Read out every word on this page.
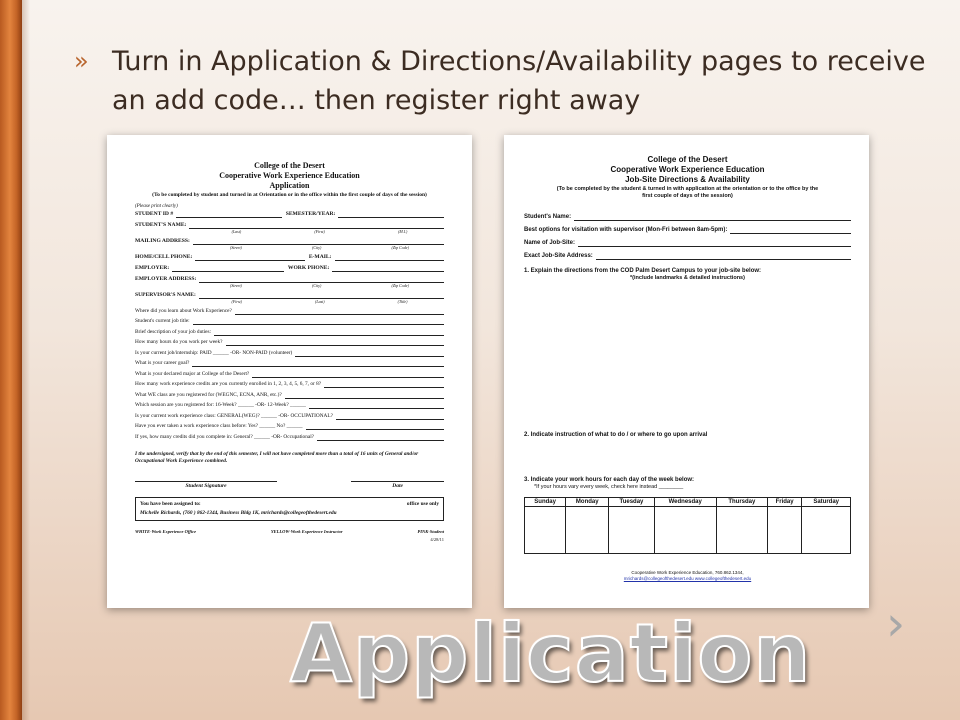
» Turn in Application & Directions/Availability pages to receive an add code… then register right away
College of the Desert
Cooperative Work Experience Education
Application
(To be completed by student and turned in at Orientation or in the office within the first couple of days of the session)
(Please print clearly)
STUDENT ID #	SEMESTER/YEAR:
STUDENT'S NAME:
(Last)	(First)	(M.I.)
MAILING ADDRESS:
(Street)	(City)	(Zip Code)
HOME/CELL PHONE:	E-MAIL:
EMPLOYER:	WORK PHONE:
EMPLOYER ADDRESS:
(Street)	(City)	(Zip Code)
SUPERVISOR'S NAME:
(First)	(Last)	(Title)
Where did you learn about Work Experience?
Student's current job title:
Brief description of your job duties:
How many hours do you work per week?
Is your current job/internship: PAID ______ -OR- NON-PAID (volunteer)
What is your career goal?
What is your declared major at College of the Desert?
How many work experience credits are you currently enrolled in 1, 2, 3, 4, 5, 6, 7, or 8?
What WE class are you registered for (WEGNC, ECNA, ANR, etc.)?
Which session are you registered for: 16-Week? ______ -OR- 12-Week? ______
Is your current work experience class: GENERAL(WEG)? ______ -OR- OCCUPATIONAL?
Have you ever taken a work experience class before: Yes? ______ No? ______
If yes, how many credits did you complete in: General? ______ -OR- Occupational?
I the undersigned, verify that by the end of this semester, I will not have completed more than a total of 16 units of General and/or Occupational Work Experience combined.
Student Signature	Date
You have been assigned to:	office use only
Michelle Richards, (760 ) 862-1344, Business Bldg 1K, mrichards@collegeofthedesert.edu
WHITE-Work Experience Office	YELLOW-Work Experience Instructor	PINK-Student
4/28/11
College of the Desert
Cooperative Work Experience Education
Job-Site Directions & Availability
(To be completed by the student & turned in with application at the orientation or to the office by the first couple of days of the session)
Student's Name:
Best options for visitation with supervisor (Mon-Fri between 8am-5pm):
Name of Job-Site:
Exact Job-Site Address:
1. Explain the directions from the COD Palm Desert Campus to your job-site below:
*(include landmarks & detailed instructions)
2. Indicate instruction of what to do / or where to go upon arrival
3. Indicate your work hours for each day of the week below:
*If your hours vary every week, check here instead ________
Sunday	Monday	Tuesday	Wednesday	Thursday	Friday	Saturday

Cooperative Work Experience Education, 760.862.1344,
mrichards@collegeofthedesert.edu www.collegeofthedesert.edu
›
Application
